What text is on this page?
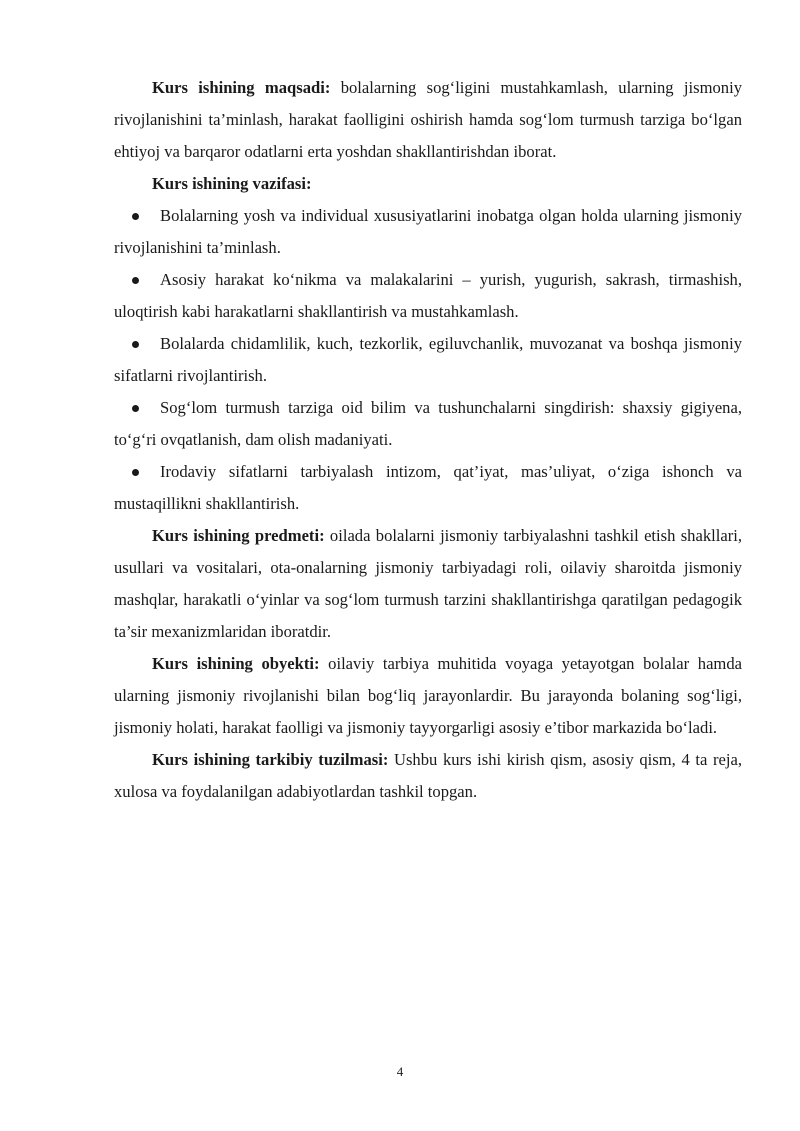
Kurs ishining maqsadi: bolalarning sog‘ligini mustahkamlash, ularning jismoniy rivojlanishini ta’minlash, harakat faolligini oshirish hamda sog‘lom turmush tarziga bo‘lgan ehtiyoj va barqaror odatlarni erta yoshdan shakllantirishdan iborat.

Kurs ishining vazifasi:

Bolalarning yosh va individual xususiyatlarini inobatga olgan holda ularning jismoniy rivojlanishini ta’minlash.

Asosiy harakat ko‘nikma va malakalarini – yurish, yugurish, sakrash, tirmashish, uloqtirish kabi harakatlarni shakllantirish va mustahkamlash.

Bolalarda chidamlilik, kuch, tezkorlik, egiluvchanlik, muvozanat va boshqa jismoniy sifatlarni rivojlantirish.

Sog‘lom turmush tarziga oid bilim va tushunchalarni singdirish: shaxsiy gigiyena, to‘g‘ri ovqatlanish, dam olish madaniyati.

Irodaviy sifatlarni tarbiyalash intizom, qat’iyat, mas’uliyat, o‘ziga ishonch va mustaqillikni shakllantirish.

Kurs ishining predmeti: oilada bolalarni jismoniy tarbiyalashni tashkil etish shakllari, usullari va vositalari, ota-onalarning jismoniy tarbiyadagi roli, oilaviy sharoitda jismoniy mashqlar, harakatli o‘yinlar va sog‘lom turmush tarzini shakllantirishga qaratilgan pedagogik ta’sir mexanizmlaridan iboratdir.

Kurs ishining obyekti: oilaviy tarbiya muhitida voyaga yetayotgan bolalar hamda ularning jismoniy rivojlanishi bilan bog‘liq jarayonlardir. Bu jarayonda bolaning sog‘ligi, jismoniy holati, harakat faolligi va jismoniy tayyorgarligi asosiy e’tibor markazida bo‘ladi.

Kurs ishining tarkibiy tuzilmasi: Ushbu kurs ishi kirish qism, asosiy qism, 4 ta reja, xulosa va foydalanilgan adabiyotlardan tashkil topgan.

4
